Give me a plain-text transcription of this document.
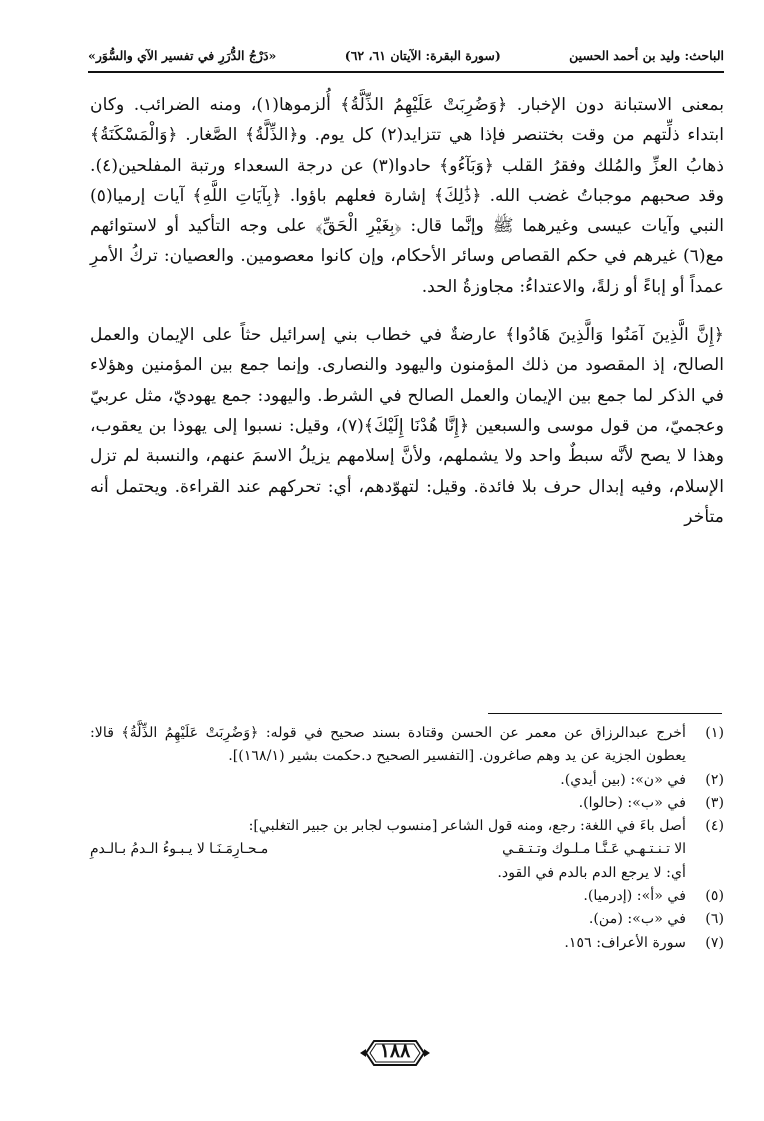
الباحث: وليد بن أحمد الحسين
(سورة البقرة: الآيتان ٦١، ٦٢)
«دَرْجُ الدُّرَرِ في تفسير الآي والسُّوَر»

بمعنى الاستبانة دون الإخبار. ﴿وَضُرِبَتْ عَلَيْهِمُ الذِّلَّةُ﴾ أُلزموها(١)، ومنه الضرائب. وكان ابتداء ذلِّتهم من وقت بختنصر فإذا هي تتزايد(٢) كل يوم. و﴿الذِّلَّةُ﴾ الصَّغار. ﴿وَالْمَسْكَنَةُ﴾ ذهابُ العزِّ والمُلك وفقرُ القلب ﴿وَبَآءُو﴾ حادوا(٣) عن درجة السعداء ورتبة المفلحين(٤). وقد صحبهم موجباتُ غضب الله. ﴿ذَٰلِكَ﴾ إشارة فعلهم باؤوا. ﴿بِآيَاتِ اللَّهِ﴾ آيات إرميا(٥) النبي وآيات عيسى وغيرهما ﷺ وإنَّما قال: ﴿بِغَيْرِ الْحَقِّ﴾ على وجه التأكيد أو لاستوائهم مع(٦) غيرهم في حكم القصاص وسائر الأحكام، وإن كانوا معصومين. والعصيان: تركُ الأمرِ عمداً أو إباءً أو زلةً، والاعتداءُ: مجاوزةُ الحد.

﴿إِنَّ الَّذِينَ آمَنُوا وَالَّذِينَ هَادُوا﴾ عارضةٌ في خطاب بني إسرائيل حثاً على الإيمان والعمل الصالح، إذ المقصود من ذلك المؤمنون واليهود والنصارى. وإنما جمع بين المؤمنين وهؤلاء في الذكر لما جمع بين الإيمان والعمل الصالح في الشرط. واليهود: جمع يهوديّ، مثل عربيّ وعجميّ، من قول موسى والسبعين ﴿إِنَّا هُدْنَا إِلَيْكَ﴾(٧)، وقيل: نسبوا إلى يهوذا بن يعقوب، وهذا لا يصح لأنَّه سبطٌ واحد ولا يشملهم، ولأنَّ إسلامهم يزيلُ الاسمَ عنهم، والنسبة لم تزل الإسلام، وفيه إبدال حرف بلا فائدة. وقيل: لتهوّدهم، أي: تحركهم عند القراءة. ويحتمل أنه متأخر

(١)
أخرج عبدالرزاق عن معمر عن الحسن وقتادة بسند صحيح في قوله: ﴿وَضُرِبَتْ عَلَيْهِمُ الذِّلَّةُ﴾ قالا: يعطون الجزية عن يد وهم صاغرون. [التفسير الصحيح د.حكمت بشير (١٦٨/١)].
(٢)
في «ن»: (بين أيدي).
(٣)
في «ب»: (حالوا).
(٤)
أصل باءَ في اللغة: رجع، ومنه قول الشاعر [منسوب لجابر بن جبير التغلبي]:
الا تـنـتـهـي عَـنَّـا مـلـوك وتـتـقـي
مـحـارِمَـنَـا لا يـبـوءُ الـدمُ بـالـدمِ
أي: لا يرجع الدم بالدم في القود.
(٥)
في «أ»: (إدرميا).
(٦)
في «ب»: (من).
(٧)
سورة الأعراف: ١٥٦.
١٨٨
